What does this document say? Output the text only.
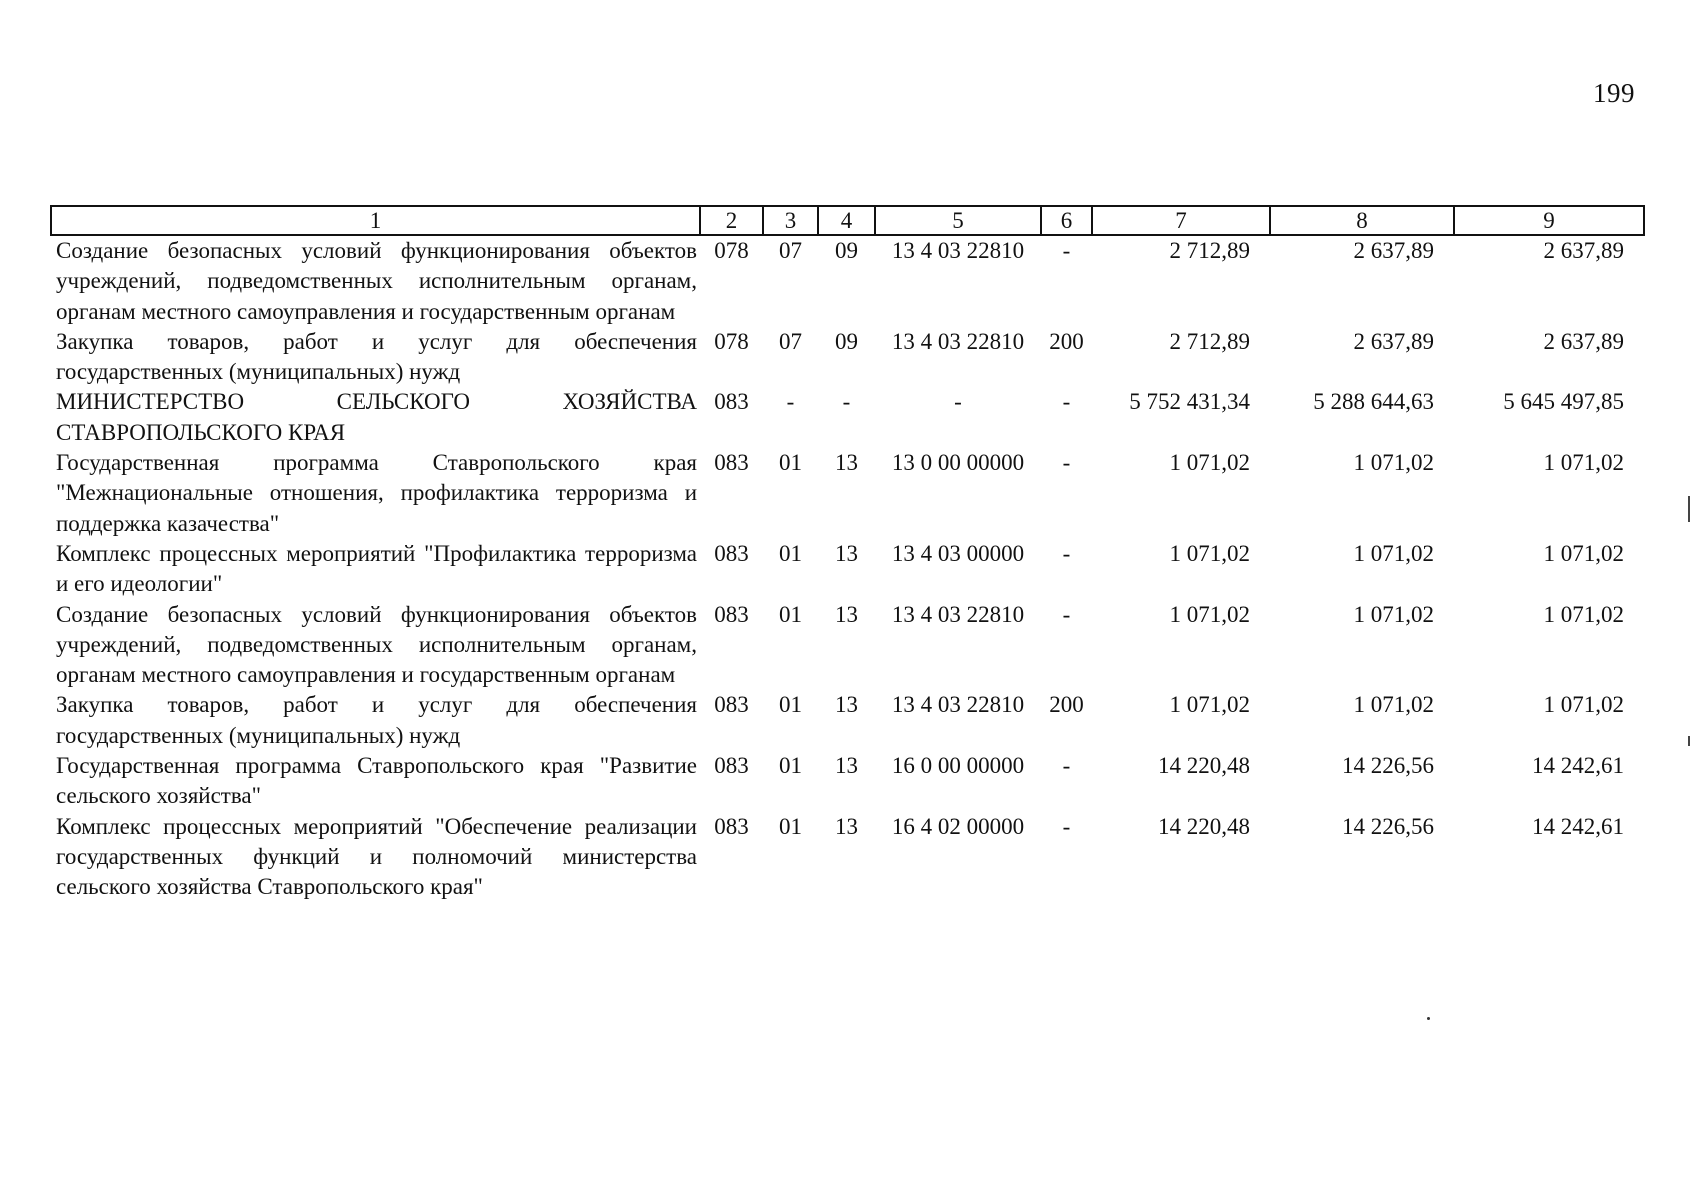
199
1	2	3	4	5	6	7	8	9
Создание безопасных условий функционирования объектов учреждений, подведомственных исполнительным органам, органам местного самоуправления и государственным органам	078	07	09	13 4 03 22810	-	2 712,89	2 637,89	2 637,89
Закупка товаров, работ и услуг для обеспечения государственных (муниципальных) нужд	078	07	09	13 4 03 22810	200	2 712,89	2 637,89	2 637,89
МИНИСТЕРСТВО СЕЛЬСКОГО ХОЗЯЙСТВА СТАВРОПОЛЬСКОГО КРАЯ	083	-	-	-	-	5 752 431,34	5 288 644,63	5 645 497,85
Государственная программа Ставропольского края "Межнациональные отношения, профилактика терроризма и поддержка казачества"	083	01	13	13 0 00 00000	-	1 071,02	1 071,02	1 071,02
Комплекс процессных мероприятий "Профилактика терроризма и его идеологии"	083	01	13	13 4 03 00000	-	1 071,02	1 071,02	1 071,02
Создание безопасных условий функционирования объектов учреждений, подведомственных исполнительным органам, органам местного самоуправления и государственным органам	083	01	13	13 4 03 22810	-	1 071,02	1 071,02	1 071,02
Закупка товаров, работ и услуг для обеспечения государственных (муниципальных) нужд	083	01	13	13 4 03 22810	200	1 071,02	1 071,02	1 071,02
Государственная программа Ставропольского края "Развитие сельского хозяйства"	083	01	13	16 0 00 00000	-	14 220,48	14 226,56	14 242,61
Комплекс процессных мероприятий "Обеспечение реализации государственных функций и полномочий министерства сельского хозяйства Ставропольского края"	083	01	13	16 4 02 00000	-	14 220,48	14 226,56	14 242,61
